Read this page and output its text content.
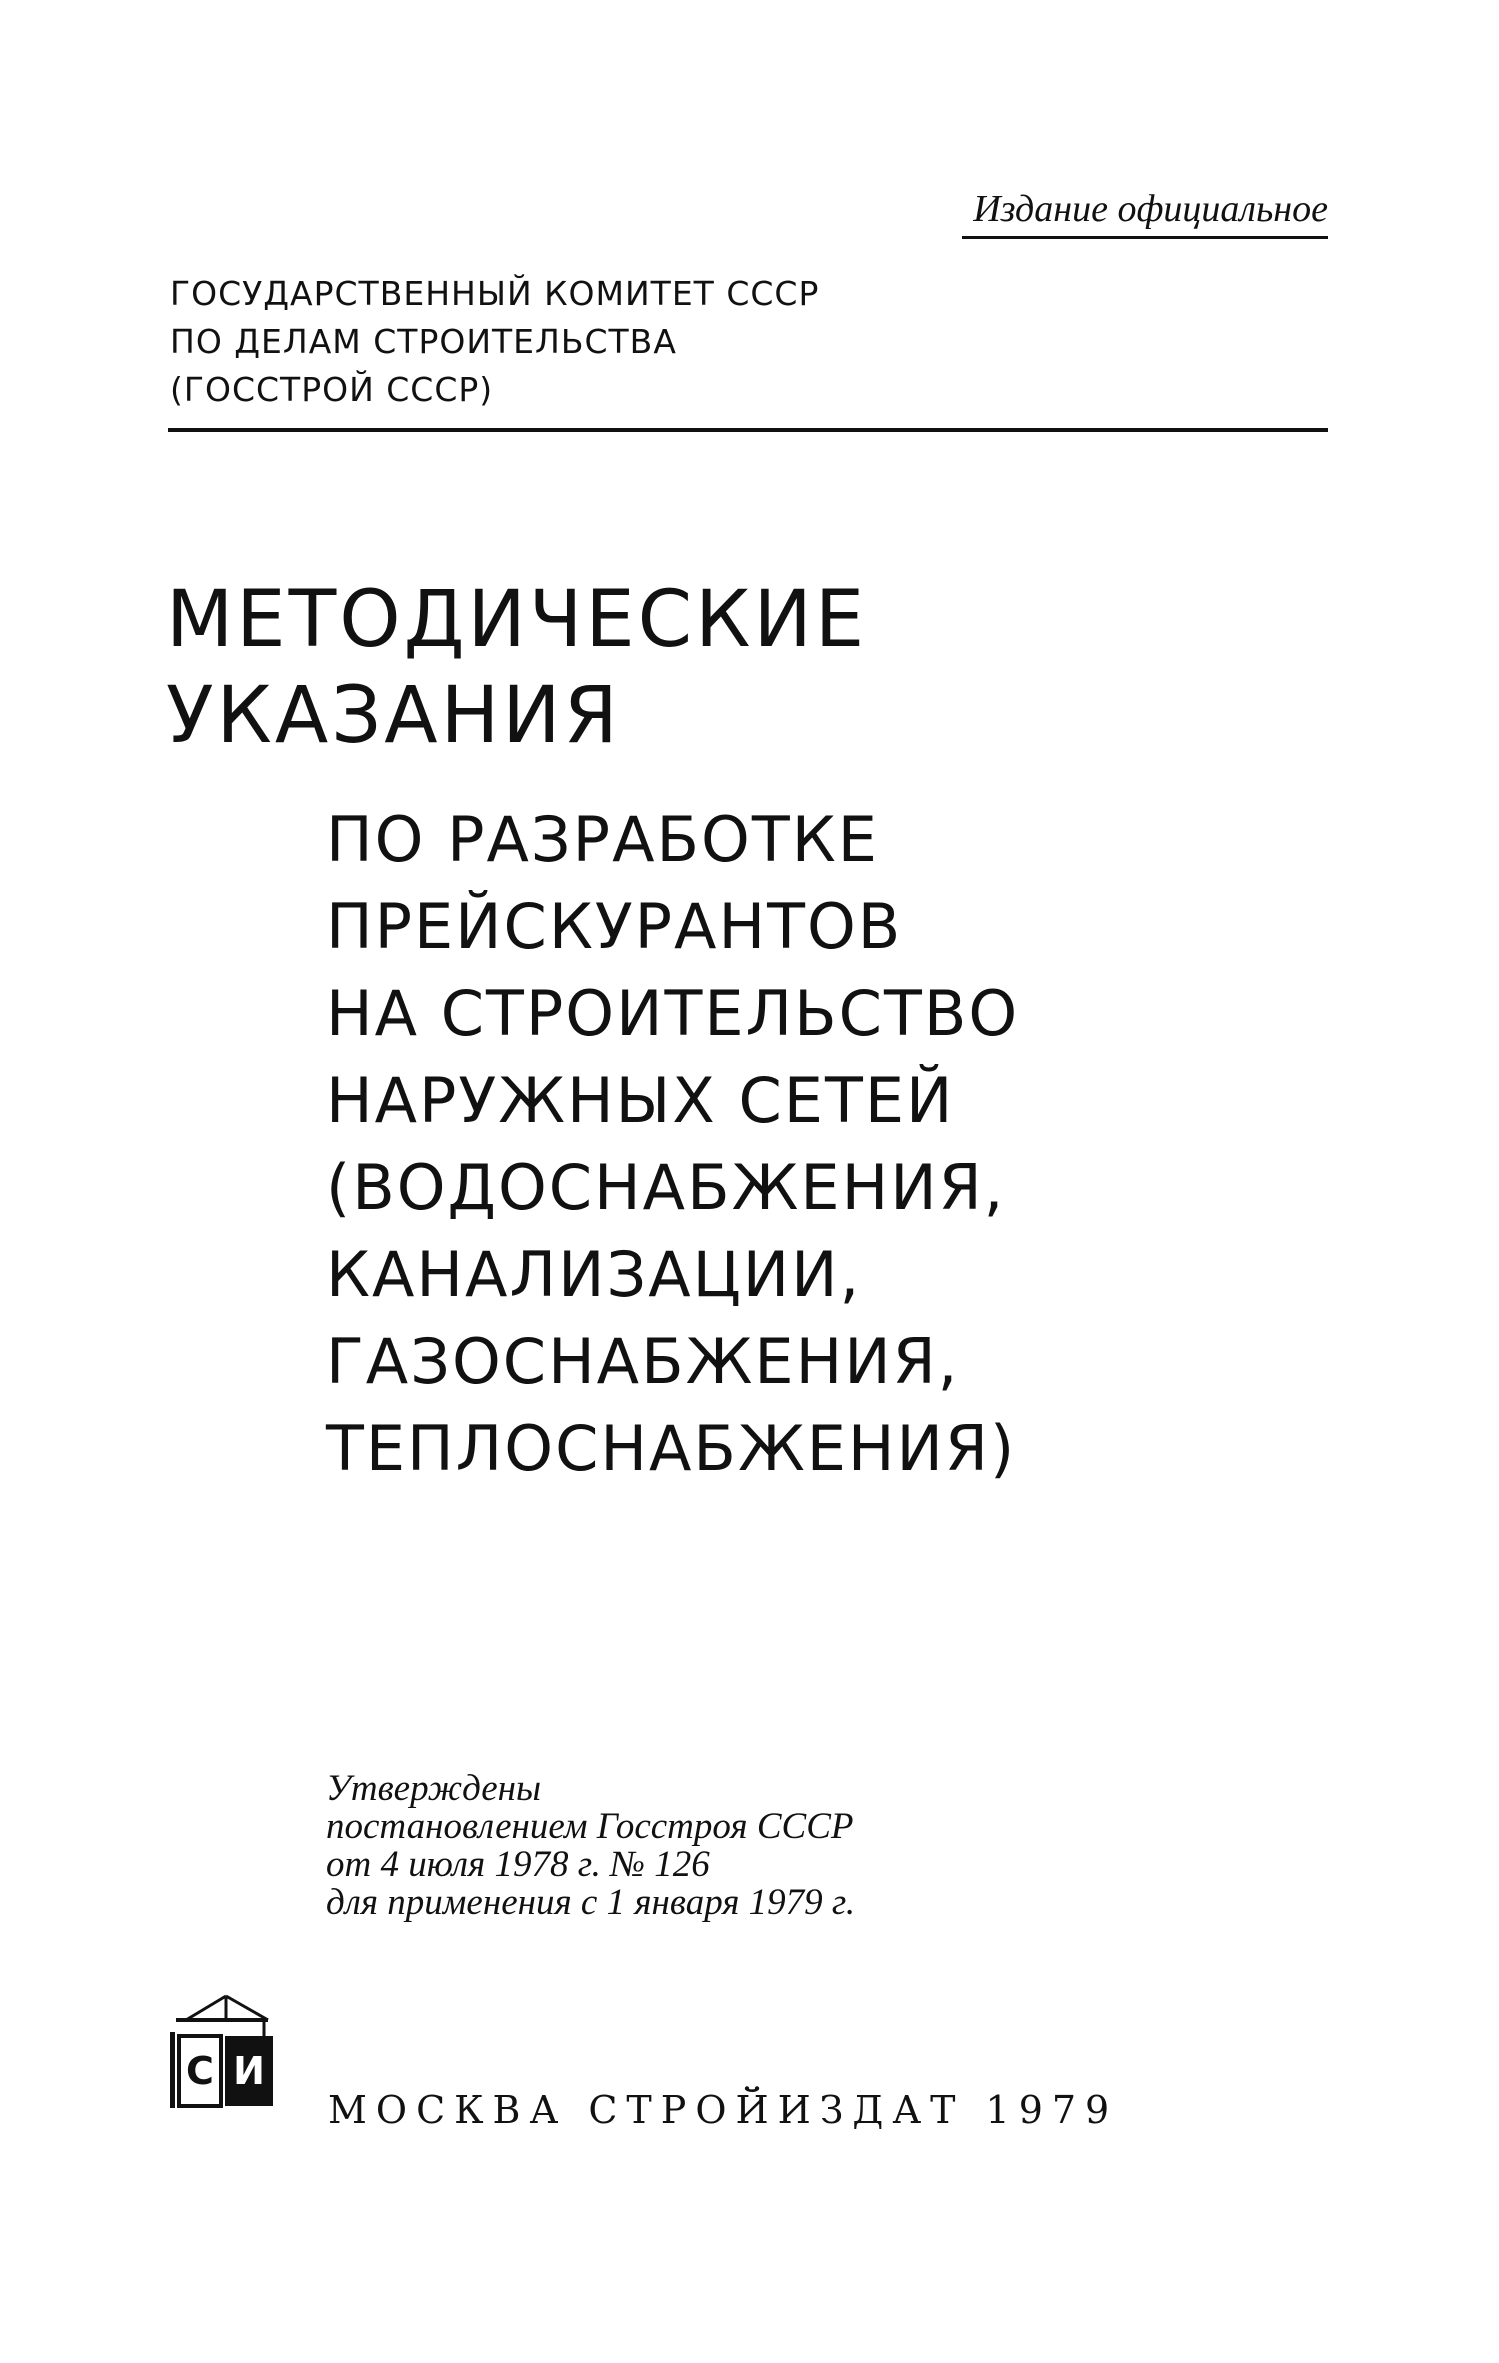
Издание официальное
ГОСУДАРСТВЕННЫЙ КОМИТЕТ СССР
ПО ДЕЛАМ СТРОИТЕЛЬСТВА
(ГОССТРОЙ СССР)
МЕТОДИЧЕСКИЕ
УКАЗАНИЯ
ПО РАЗРАБОТКЕ
ПРЕЙСКУРАНТОВ
НА СТРОИТЕЛЬСТВО
НАРУЖНЫХ СЕТЕЙ
(ВОДОСНАБЖЕНИЯ,
КАНАЛИЗАЦИИ,
ГАЗОСНАБЖЕНИЯ,
ТЕПЛОСНАБЖЕНИЯ)
Утверждены
постановлением Госстроя СССР
от 4 июля 1978 г. № 126
для применения с 1 января 1979 г.
С И
МОСКВА СТРОЙИЗДАТ 1979
